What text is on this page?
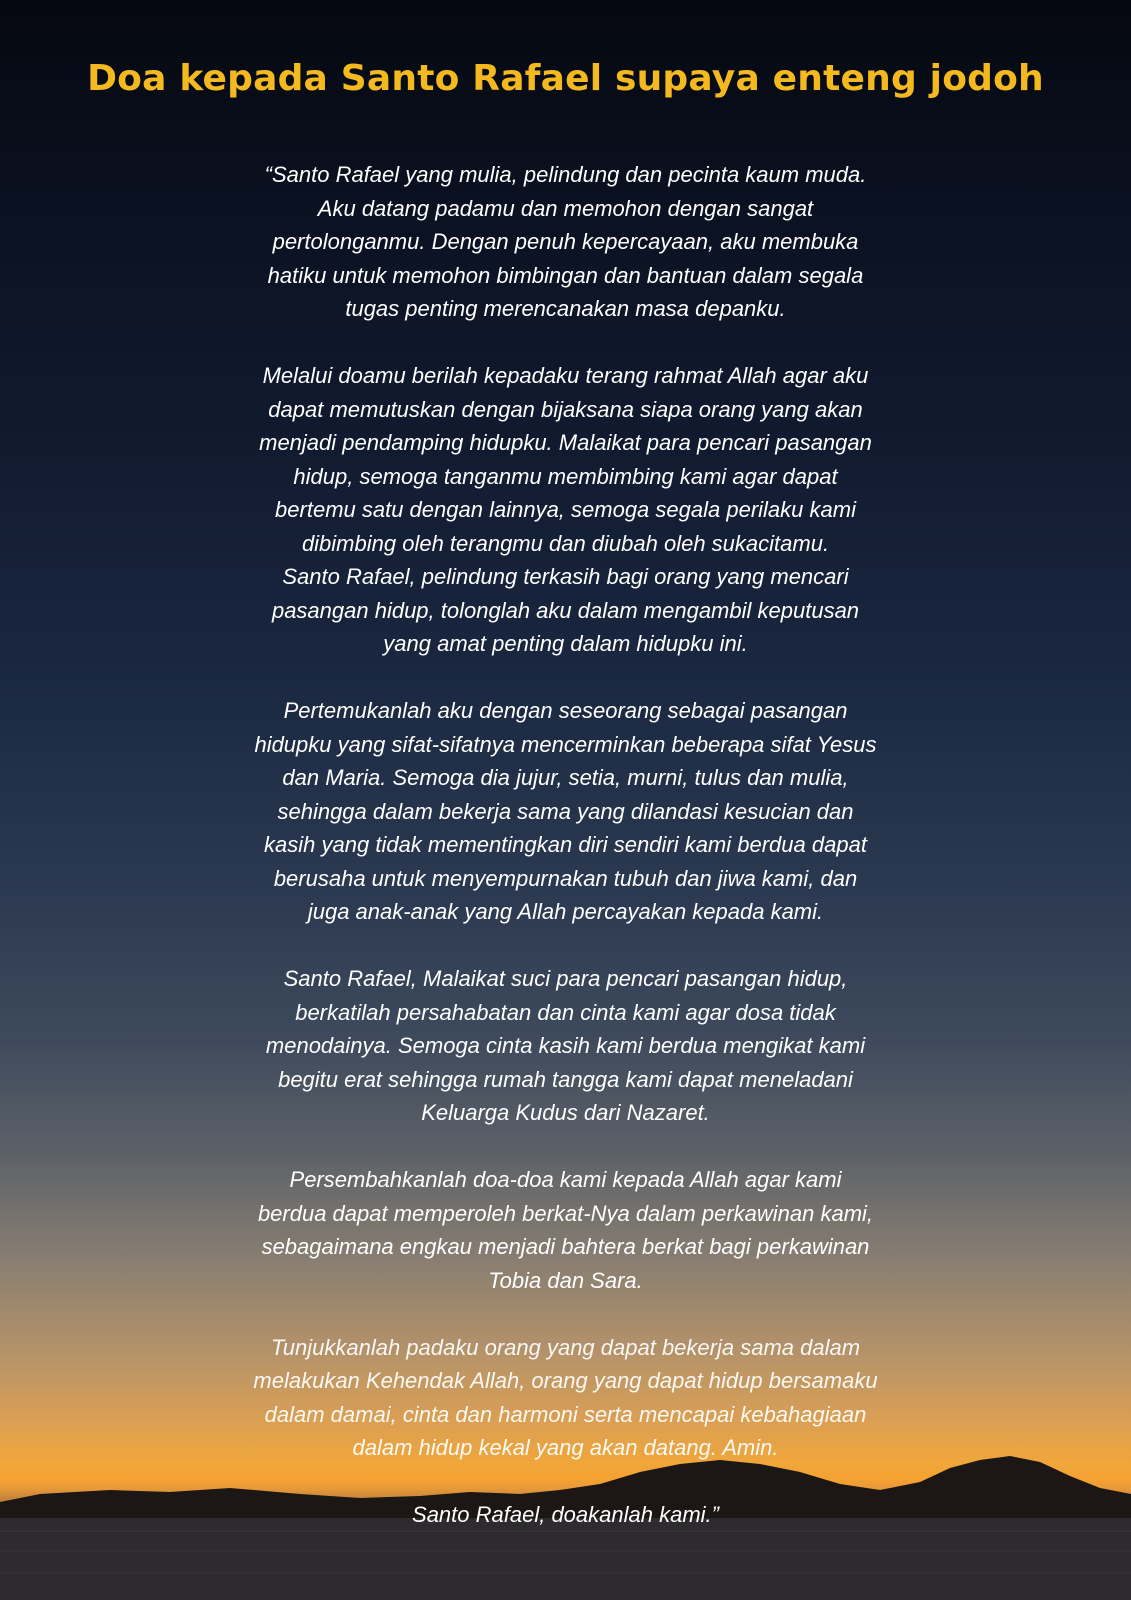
Doa kepada Santo Rafael supaya enteng jodoh

“Santo Rafael yang mulia, pelindung dan pecinta kaum muda.
Aku datang padamu dan memohon dengan sangat
pertolonganmu. Dengan penuh kepercayaan, aku membuka
hatiku untuk memohon bimbingan dan bantuan dalam segala
tugas penting merencanakan masa depanku.

Melalui doamu berilah kepadaku terang rahmat Allah agar aku
dapat memutuskan dengan bijaksana siapa orang yang akan
menjadi pendamping hidupku. Malaikat para pencari pasangan
hidup, semoga tanganmu membimbing kami agar dapat
bertemu satu dengan lainnya, semoga segala perilaku kami
dibimbing oleh terangmu dan diubah oleh sukacitamu.
Santo Rafael, pelindung terkasih bagi orang yang mencari
pasangan hidup, tolonglah aku dalam mengambil keputusan
yang amat penting dalam hidupku ini.

Pertemukanlah aku dengan seseorang sebagai pasangan
hidupku yang sifat-sifatnya mencerminkan beberapa sifat Yesus
dan Maria. Semoga dia jujur, setia, murni, tulus dan mulia,
sehingga dalam bekerja sama yang dilandasi kesucian dan
kasih yang tidak mementingkan diri sendiri kami berdua dapat
berusaha untuk menyempurnakan tubuh dan jiwa kami, dan
juga anak-anak yang Allah percayakan kepada kami.

Santo Rafael, Malaikat suci para pencari pasangan hidup,
berkatilah persahabatan dan cinta kami agar dosa tidak
menodainya. Semoga cinta kasih kami berdua mengikat kami
begitu erat sehingga rumah tangga kami dapat meneladani
Keluarga Kudus dari Nazaret.

Persembahkanlah doa-doa kami kepada Allah agar kami
berdua dapat memperoleh berkat-Nya dalam perkawinan kami,
sebagaimana engkau menjadi bahtera berkat bagi perkawinan
Tobia dan Sara.

Tunjukkanlah padaku orang yang dapat bekerja sama dalam
melakukan Kehendak Allah, orang yang dapat hidup bersamaku
dalam damai, cinta dan harmoni serta mencapai kebahagiaan
dalam hidup kekal yang akan datang. Amin.

Santo Rafael, doakanlah kami.”
